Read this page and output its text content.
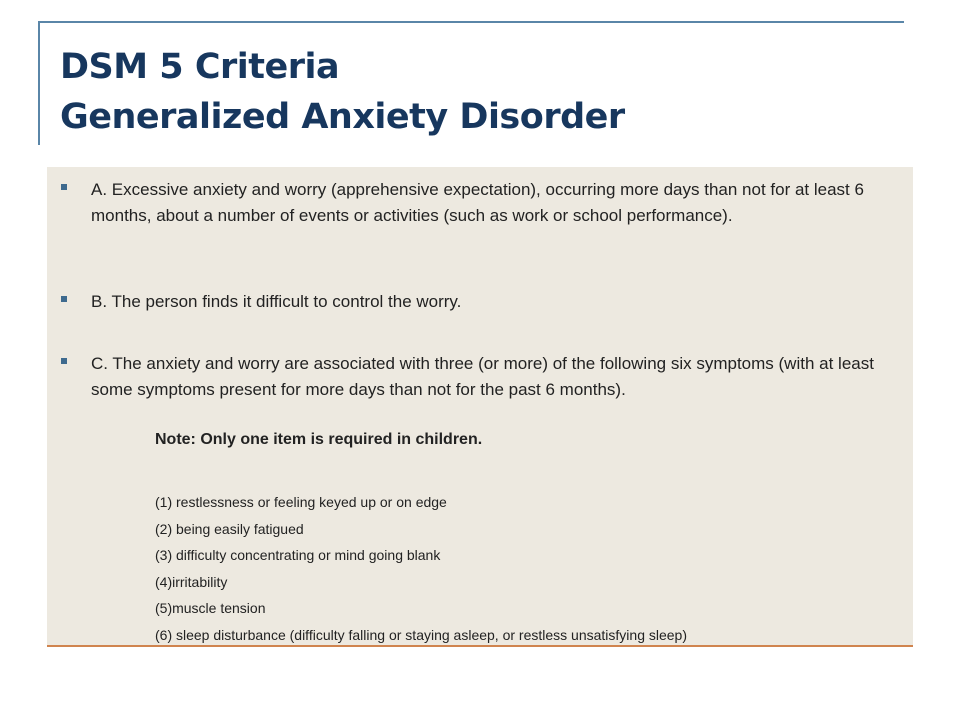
DSM 5 Criteria
Generalized Anxiety Disorder

A. Excessive anxiety and worry (apprehensive expectation), occurring more days than not for at least 6 months, about a number of events or activities (such as work or school performance).

B. The person finds it difficult to control the worry.

C. The anxiety and worry are associated with three (or more) of the following six symptoms (with at least some symptoms present for more days than not for the past 6 months).

Note: Only one item is required in children.
(1) restlessness or feeling keyed up or on edge
(2) being easily fatigued
(3) difficulty concentrating or mind going blank
(4)irritability
(5)muscle tension
(6) sleep disturbance (difficulty falling or staying asleep, or restless unsatisfying sleep)
